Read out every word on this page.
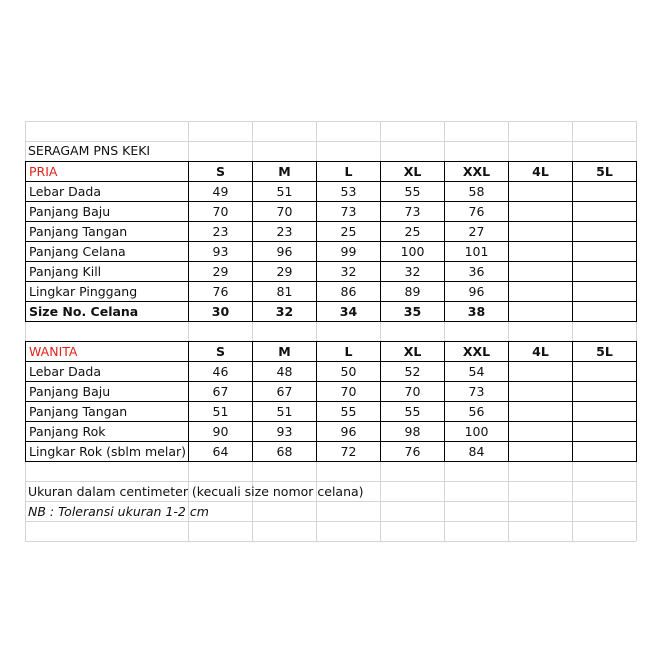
SERAGAM PNS KEKI
Ukuran dalam centimeter (kecuali size nomor celana)
NB : Toleransi ukuran 1-2 cm
PRIA	S	M	L	XL	XXL	4L	5L
Lebar Dada	49	51	53	55	58
Panjang Baju	70	70	73	73	76
Panjang Tangan	23	23	25	25	27
Panjang Celana	93	96	99	100	101
Panjang Kill	29	29	32	32	36
Lingkar Pinggang	76	81	86	89	96
Size No. Celana	30	32	34	35	38
WANITA	S	M	L	XL	XXL	4L	5L
Lebar Dada	46	48	50	52	54
Panjang Baju	67	67	70	70	73
Panjang Tangan	51	51	55	55	56
Panjang Rok	90	93	96	98	100
Lingkar Rok (sblm melar)	64	68	72	76	84
